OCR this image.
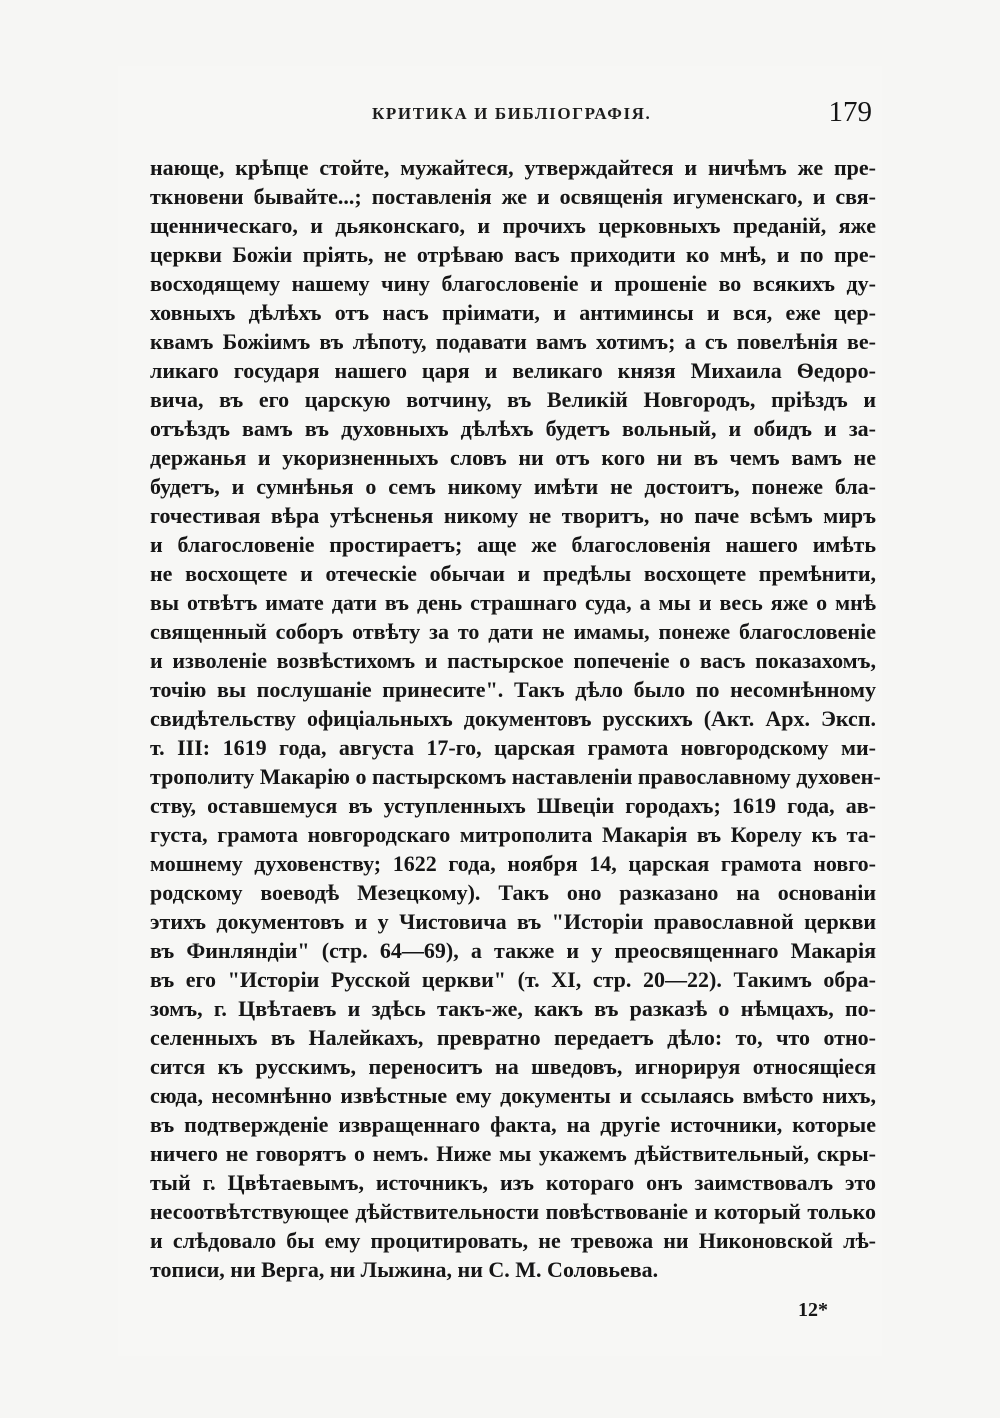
КРИТИКА И БИБЛІОГРАФІЯ.	179
нающе, крѣпце стойте, мужайтеся, утверждайтеся и ничѣмъ же пре-
ткновени бывайте...; поставленія же и освященія игуменскаго, и свя-
щенническаго, и дьяконскаго, и прочихъ церковныхъ преданій, яже
церкви Божіи пріять, не отрѣваю васъ приходити ко мнѣ, и по пре-
восходящему нашему чину благословеніе и прошеніе во всякихъ ду-
ховныхъ дѣлѣхъ отъ насъ пріимати, и антиминсы и вся, еже цер-
квамъ Божіимъ въ лѣпоту, подавати вамъ хотимъ; а съ повелѣнія ве-
ликаго государя нашего царя и великаго князя Михаила Ѳедоро-
вича, въ его царскую вотчину, въ Великій Новгородъ, пріѣздъ и
отъѣздъ вамъ въ духовныхъ дѣлѣхъ будетъ вольный, и обидъ и за-
держанья и укоризненныхъ словъ ни отъ кого ни въ чемъ вамъ не
будетъ, и сумнѣнья о семъ никому имѣти не достоитъ, понеже бла-
гочестивая вѣра утѣсненья никому не творитъ, но паче всѣмъ миръ
и благословеніе простираетъ; аще же благословенія нашего имѣть
не восхощете и отеческіе обычаи и предѣлы восхощете премѣнити,
вы отвѣтъ имате дати въ день страшнаго суда, а мы и весь яже о мнѣ
священный соборъ отвѣту за то дати не имамы, понеже благословеніе
и изволеніе возвѣстихомъ и пастырское попеченіе о васъ показахомъ,
точію вы послушаніе принесите". Такъ дѣло было по несомнѣнному
свидѣтельству офиціальныхъ документовъ русскихъ (Акт. Арх. Эксп.
т. III: 1619 года, августа 17-го, царская грамота новгородскому ми-
трополиту Макарію о пастырскомъ наставленіи православному духовен-
ству, оставшемуся въ уступленныхъ Швеціи городахъ; 1619 года, ав-
густа, грамота новгородскаго митрополита Макарія въ Корелу къ та-
мошнему духовенству; 1622 года, ноября 14, царская грамота новго-
родскому воеводѣ Мезецкому). Такъ оно разказано на основаніи
этихъ документовъ и у Чистовича въ "Исторіи православной церкви
въ Финляндіи" (стр. 64—69), а также и у преосвященнаго Макарія
въ его "Исторіи Русской церкви" (т. XI, стр. 20—22). Такимъ обра-
зомъ, г. Цвѣтаевъ и здѣсь такъ-же, какъ въ разказѣ о нѣмцахъ, по-
селенныхъ въ Налейкахъ, превратно передаетъ дѣло: то, что отно-
сится къ русскимъ, переноситъ на шведовъ, игнорируя относящіеся
сюда, несомнѣнно извѣстные ему документы и ссылаясь вмѣсто нихъ,
въ подтвержденіе извращеннаго факта, на другіе источники, которые
ничего не говорятъ о немъ. Ниже мы укажемъ дѣйствительный, скры-
тый г. Цвѣтаевымъ, источникъ, изъ котораго онъ заимствовалъ это
несоотвѣтствующее дѣйствительности повѣствованіе и который только
и слѣдовало бы ему процитировать, не тревожа ни Никоновской лѣ-
тописи, ни Верга, ни Лыжина, ни С. М. Соловьева.
12*
